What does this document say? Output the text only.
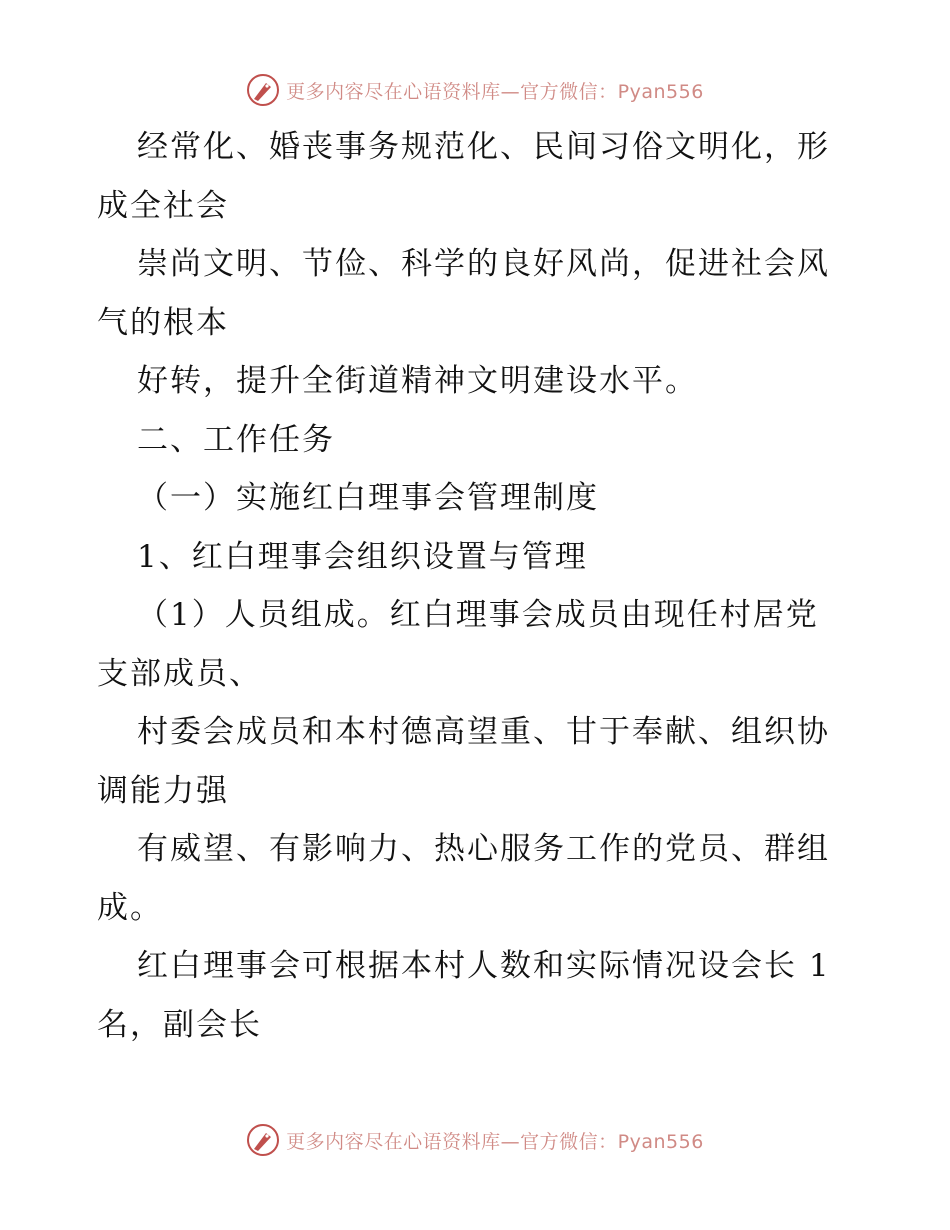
更多内容尽在心语资料库—官方微信：Pyan556
经常化、婚丧事务规范化、民间习俗文明化，形
成全社会
崇尚文明、节俭、科学的良好风尚，促进社会风
气的根本
好转，提升全街道精神文明建设水平。
二、工作任务
（一）实施红白理事会管理制度
1、红白理事会组织设置与管理
（1）人员组成。红白理事会成员由现任村居党
支部成员、
村委会成员和本村德高望重、甘于奉献、组织协
调能力强
有威望、有影响力、热心服务工作的党员、群组
成。
红白理事会可根据本村人数和实际情况设会长 1
名，副会长
更多内容尽在心语资料库—官方微信：Pyan556
